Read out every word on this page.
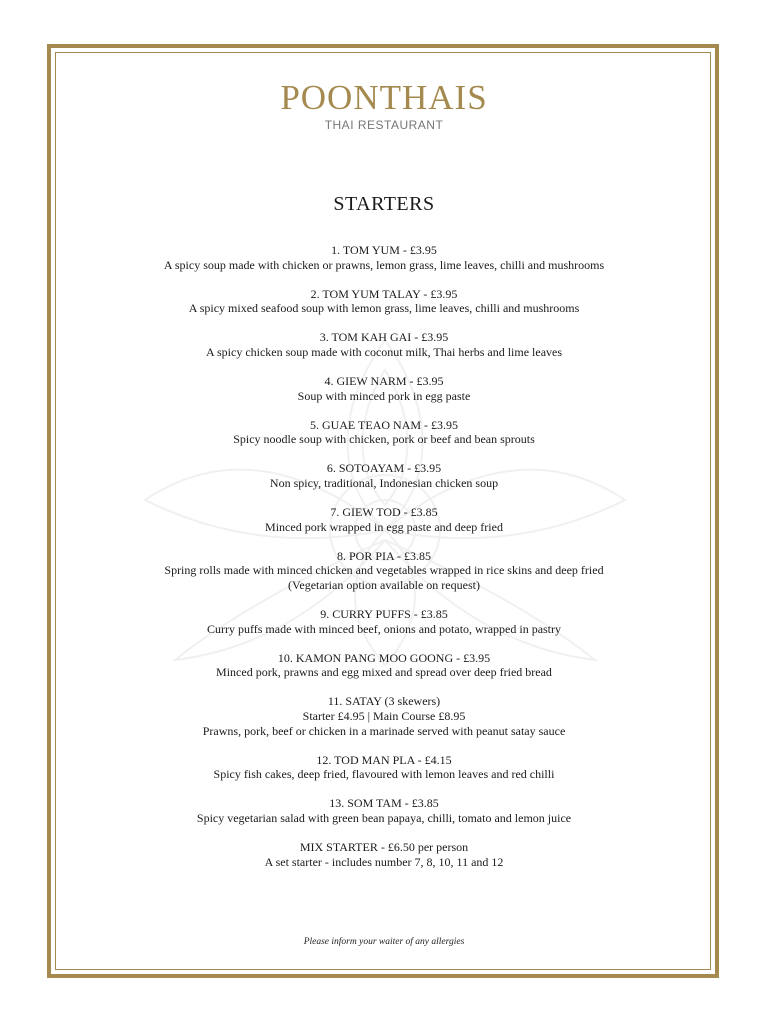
POONTHAIS
THAI RESTAURANT
STARTERS
1. TOM YUM - £3.95
A spicy soup made with chicken or prawns, lemon grass, lime leaves, chilli and mushrooms
2. TOM YUM TALAY - £3.95
A spicy mixed seafood soup with lemon grass, lime leaves, chilli and mushrooms
3. TOM KAH GAI - £3.95
A spicy chicken soup made with coconut milk, Thai herbs and lime leaves
4. GIEW NARM - £3.95
Soup with minced pork in egg paste
5. GUAE TEAO NAM - £3.95
Spicy noodle soup with chicken, pork or beef and bean sprouts
6. SOTOAYAM - £3.95
Non spicy, traditional, Indonesian chicken soup
7. GIEW TOD - £3.85
Minced pork wrapped in egg paste and deep fried
8. POR PIA - £3.85
Spring rolls made with minced chicken and vegetables wrapped in rice skins and deep fried
(Vegetarian option available on request)
9. CURRY PUFFS - £3.85
Curry puffs made with minced beef, onions and potato, wrapped in pastry
10. KAMON PANG MOO GOONG - £3.95
Minced pork, prawns and egg mixed and spread over deep fried bread
11. SATAY (3 skewers)
Starter £4.95 | Main Course £8.95
Prawns, pork, beef or chicken in a marinade served with peanut satay sauce
12. TOD MAN PLA - £4.15
Spicy fish cakes, deep fried, flavoured with lemon leaves and red chilli
13. SOM TAM - £3.85
Spicy vegetarian salad with green bean papaya, chilli, tomato and lemon juice
MIX STARTER - £6.50 per person
A set starter - includes number 7, 8, 10, 11 and 12
Please inform your waiter of any allergies
